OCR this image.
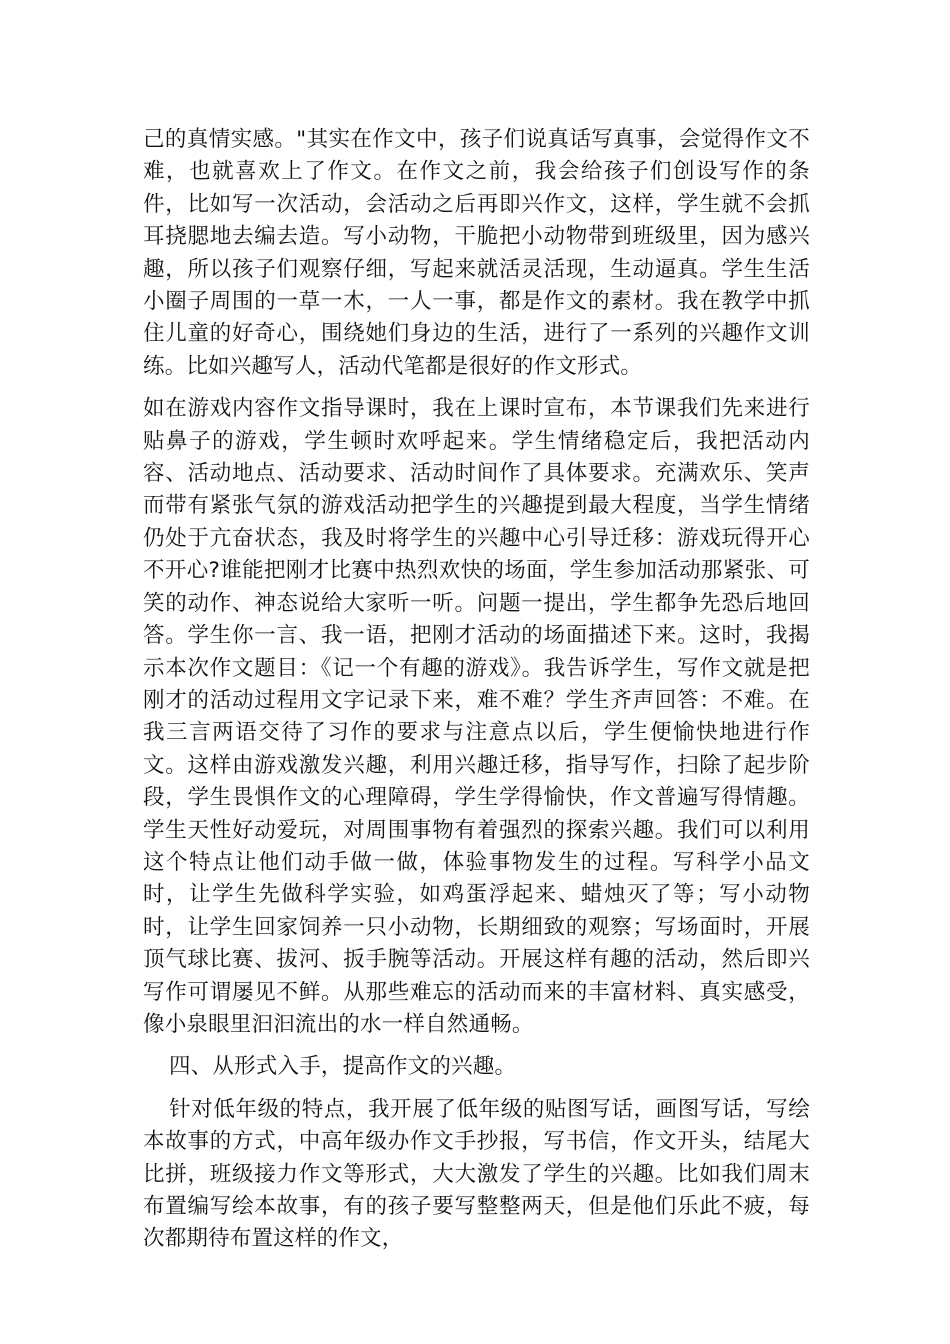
己的真情实感。"其实在作文中，孩子们说真话写真事，会觉得作文不难，也就喜欢上了作文。在作文之前，我会给孩子们创设写作的条件，比如写一次活动，会活动之后再即兴作文，这样，学生就不会抓耳挠腮地去编去造。写小动物，干脆把小动物带到班级里，因为感兴趣，所以孩子们观察仔细，写起来就活灵活现，生动逼真。学生生活小圈子周围的一草一木，一人一事，都是作文的素材。我在教学中抓住儿童的好奇心，围绕她们身边的生活，进行了一系列的兴趣作文训练。比如兴趣写人，活动代笔都是很好的作文形式。

如在游戏内容作文指导课时，我在上课时宣布，本节课我们先来进行贴鼻子的游戏，学生顿时欢呼起来。学生情绪稳定后，我把活动内容、活动地点、活动要求、活动时间作了具体要求。充满欢乐、笑声而带有紧张气氛的游戏活动把学生的兴趣提到最大程度，当学生情绪仍处于亢奋状态，我及时将学生的兴趣中心引导迁移：游戏玩得开心不开心?谁能把刚才比赛中热烈欢快的场面，学生参加活动那紧张、可笑的动作、神态说给大家听一听。问题一提出，学生都争先恐后地回答。学生你一言、我一语，把刚才活动的场面描述下来。这时，我揭示本次作文题目：《记一个有趣的游戏》。我告诉学生，写作文就是把刚才的活动过程用文字记录下来，难不难？学生齐声回答：不难。在我三言两语交待了习作的要求与注意点以后，学生便愉快地进行作文。这样由游戏激发兴趣，利用兴趣迁移，指导写作，扫除了起步阶段，学生畏惧作文的心理障碍，学生学得愉快，作文普遍写得情趣。学生天性好动爱玩，对周围事物有着强烈的探索兴趣。我们可以利用这个特点让他们动手做一做，体验事物发生的过程。写科学小品文时，让学生先做科学实验，如鸡蛋浮起来、蜡烛灭了等；写小动物时，让学生回家饲养一只小动物，长期细致的观察；写场面时，开展顶气球比赛、拔河、扳手腕等活动。开展这样有趣的活动，然后即兴写作可谓屡见不鲜。从那些难忘的活动而来的丰富材料、真实感受，像小泉眼里汩汩流出的水一样自然通畅。

四、从形式入手，提高作文的兴趣。

针对低年级的特点，我开展了低年级的贴图写话，画图写话，写绘本故事的方式，中高年级办作文手抄报，写书信，作文开头，结尾大比拼，班级接力作文等形式，大大激发了学生的兴趣。比如我们周末布置编写绘本故事，有的孩子要写整整两天，但是他们乐此不疲，每次都期待布置这样的作文，
